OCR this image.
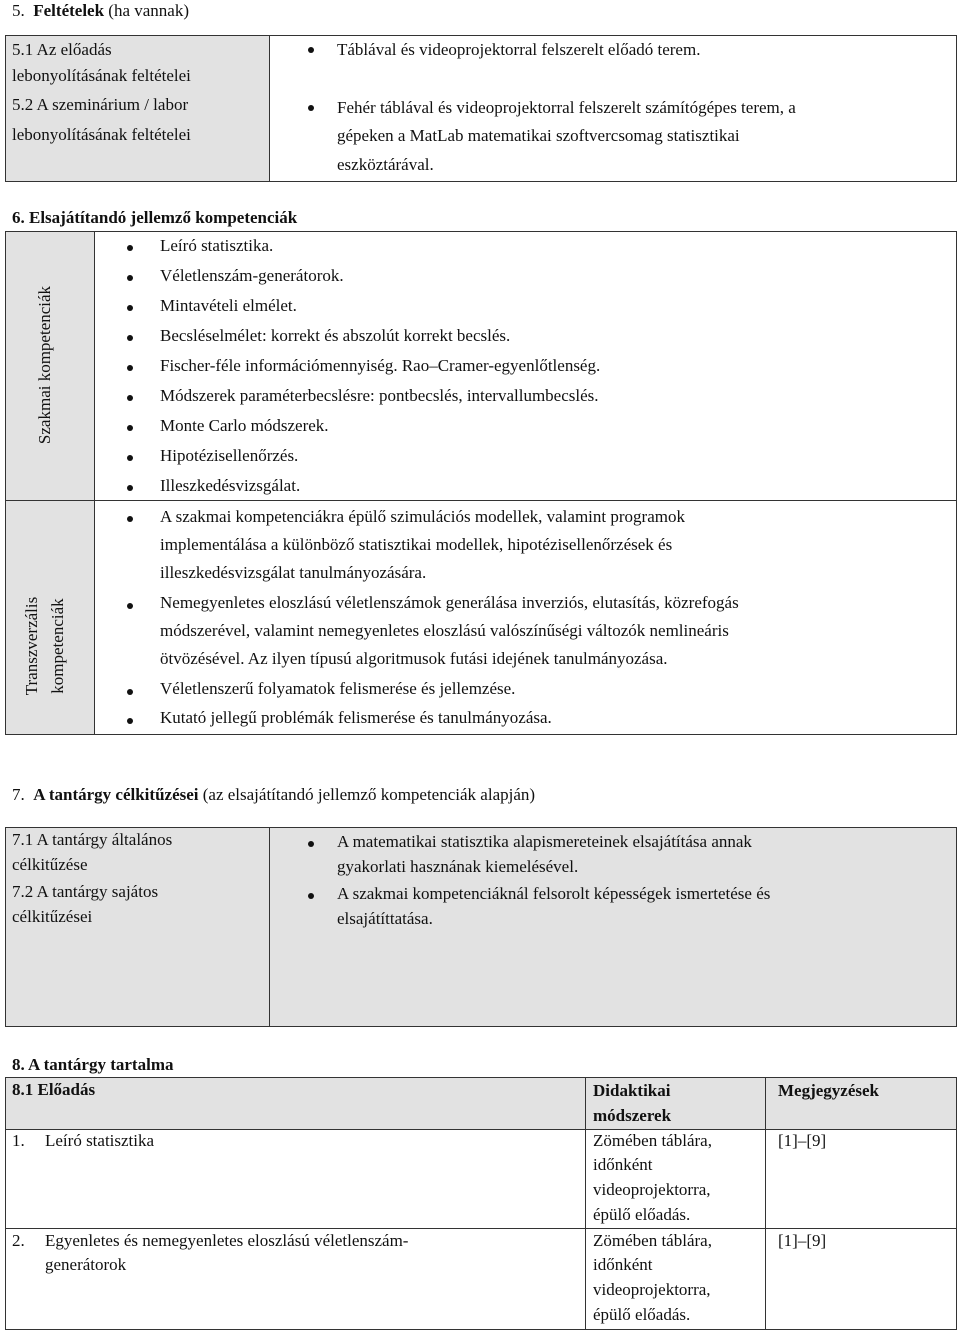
5. Feltételek (ha vannak)
5.1 Az előadás
lebonyolításának feltételei
5.2 A szeminárium / labor
lebonyolításának feltételei
Táblával és videoprojektorral felszerelt előadó terem.
Fehér táblával és videoprojektorral felszerelt számítógépes terem, a
gépeken a MatLab matematikai szoftvercsomag statisztikai
eszköztárával.
6. Elsajátítandó jellemző kompetenciák
Szakmai kompetenciák
Transzverzális kompetenciák
Leíró statisztika.
Véletlenszám-generátorok.
Mintavételi elmélet.
Becsléselmélet: korrekt és abszolút korrekt becslés.
Fischer-féle információmennyiség. Rao–Cramer-egyenlőtlenség.
Módszerek paraméterbecslésre: pontbecslés, intervallumbecslés.
Monte Carlo módszerek.
Hipotézisellenőrzés.
Illeszkedésvizsgálat.
A szakmai kompetenciákra épülő szimulációs modellek, valamint programok
implementálása a különböző statisztikai modellek, hipotézisellenőrzések és
illeszkedésvizsgálat tanulmányozására.
Nemegyenletes eloszlású véletlenszámok generálása inverziós, elutasítás, közrefogás
módszerével, valamint nemegyenletes eloszlású valószínűségi változók nemlineáris
ötvözésével. Az ilyen típusú algoritmusok futási idejének tanulmányozása.
Véletlenszerű folyamatok felismerése és jellemzése.
Kutató jellegű problémák felismerése és tanulmányozása.
7. A tantárgy célkitűzései (az elsajátítandó jellemző kompetenciák alapján)
7.1 A tantárgy általános
célkitűzése
7.2 A tantárgy sajátos
célkitűzései
A matematikai statisztika alapismereteinek elsajátítása annak
gyakorlati hasznának kiemelésével.
A szakmai kompetenciáknál felsorolt képességek ismertetése és
elsajátíttatása.
8. A tantárgy tartalma
8.1 Előadás	Didaktikai
módszerek
Megjegyzések
1. Leíró statisztika	Zömében táblára,
időnként
videoprojektorra,
épülő előadás.
[1]–[9]
2. Egyenletes és nemegyenletes eloszlású véletlenszám-
generátorok
Zömében táblára,
időnként
videoprojektorra,
épülő előadás.
[1]–[9]
